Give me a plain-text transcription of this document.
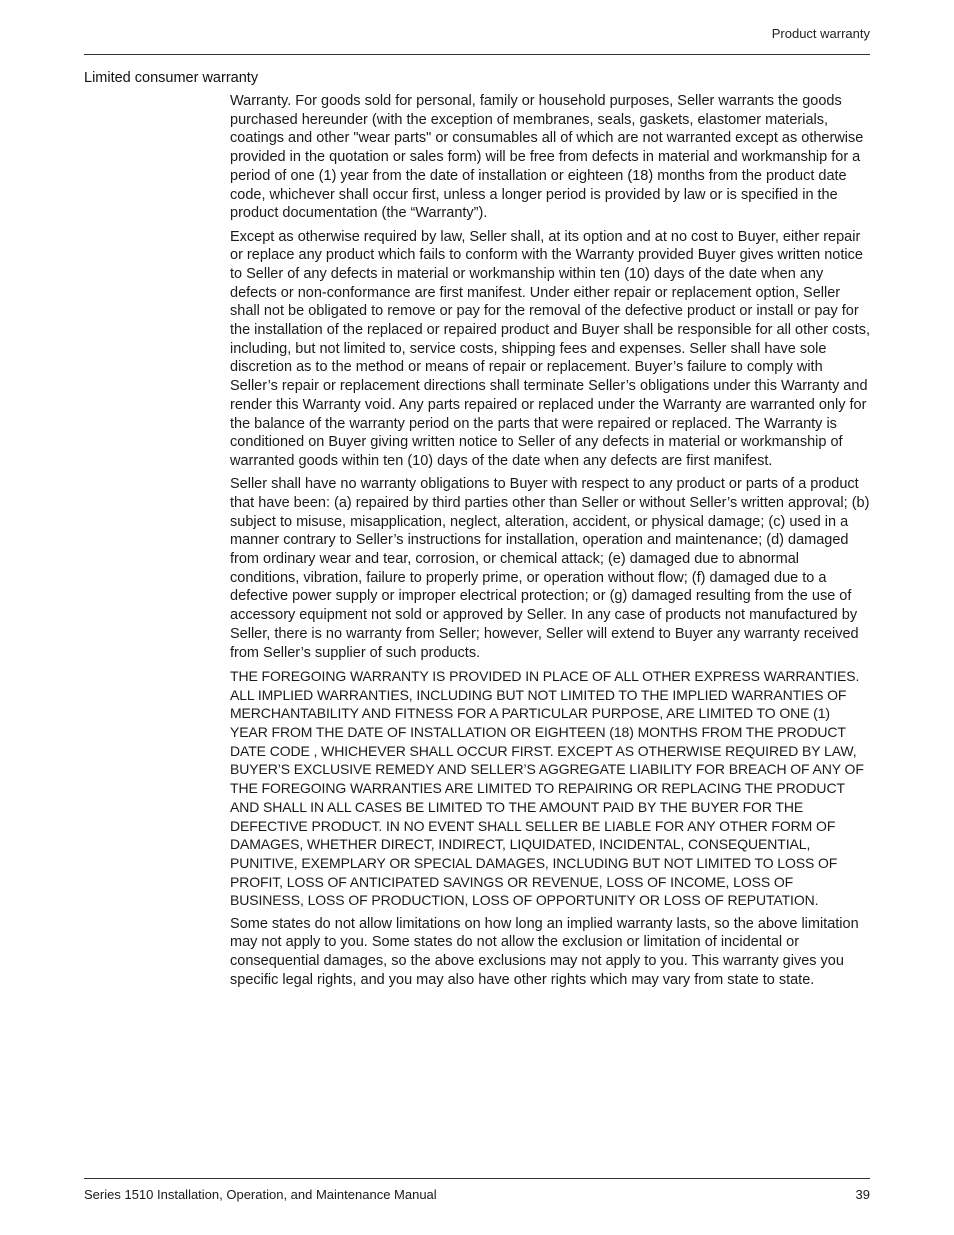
Product warranty
Limited consumer warranty

Warranty. For goods sold for personal, family or household purposes, Seller warrants the goods purchased hereunder (with the exception of membranes, seals, gaskets, elastomer materials, coatings and other "wear parts" or consumables all of which are not warranted except as otherwise provided in the quotation or sales form) will be free from defects in material and workmanship for a period of one (1) year from the date of installation or eighteen (18) months from the product date code, whichever shall occur first, unless a longer period is provided by law or is specified in the product documentation (the “Warranty”).

Except as otherwise required by law, Seller shall, at its option and at no cost to Buyer, either repair or replace any product which fails to conform with the Warranty provided Buyer gives written notice to Seller of any defects in material or workmanship within ten (10) days of the date when any defects or non-conformance are first manifest. Under either repair or replacement option, Seller shall not be obligated to remove or pay for the removal of the defective product or install or pay for the installation of the replaced or repaired product and Buyer shall be responsible for all other costs, including, but not limited to, service costs, shipping fees and expenses. Seller shall have sole discretion as to the method or means of repair or replacement. Buyer’s failure to comply with Seller’s repair or replacement directions shall terminate Seller’s obligations under this Warranty and render this Warranty void. Any parts repaired or replaced under the Warranty are warranted only for the balance of the warranty period on the parts that were repaired or replaced. The Warranty is conditioned on Buyer giving written notice to Seller of any defects in material or workmanship of warranted goods within ten (10) days of the date when any defects are first manifest.

Seller shall have no warranty obligations to Buyer with respect to any product or parts of a product that have been: (a) repaired by third parties other than Seller or without Seller’s written approval; (b) subject to misuse, misapplication, neglect, alteration, accident, or physical damage; (c) used in a manner contrary to Seller’s instructions for installation, operation and maintenance; (d) damaged from ordinary wear and tear, corrosion, or chemical attack; (e) damaged due to abnormal conditions, vibration, failure to properly prime, or operation without flow; (f) damaged due to a defective power supply or improper electrical protection; or (g) damaged resulting from the use of accessory equipment not sold or approved by Seller. In any case of products not manufactured by Seller, there is no warranty from Seller; however, Seller will extend to Buyer any warranty received from Seller’s supplier of such products.

THE FOREGOING WARRANTY IS PROVIDED IN PLACE OF ALL OTHER EXPRESS WARRANTIES. ALL IMPLIED WARRANTIES, INCLUDING BUT NOT LIMITED TO THE IMPLIED WARRANTIES OF MERCHANTABILITY AND FITNESS FOR A PARTICULAR PURPOSE, ARE LIMITED TO ONE (1) YEAR FROM THE DATE OF INSTALLATION OR EIGHTEEN (18) MONTHS FROM THE PRODUCT DATE CODE , WHICHEVER SHALL OCCUR FIRST. EXCEPT AS OTHERWISE REQUIRED BY LAW, BUYER’S EXCLUSIVE REMEDY AND SELLER’S AGGREGATE LIABILITY FOR BREACH OF ANY OF THE FOREGOING WARRANTIES ARE LIMITED TO REPAIRING OR REPLACING THE PRODUCT AND SHALL IN ALL CASES BE LIMITED TO THE AMOUNT PAID BY THE BUYER FOR THE DEFECTIVE PRODUCT. IN NO EVENT SHALL SELLER BE LIABLE FOR ANY OTHER FORM OF DAMAGES, WHETHER DIRECT, INDIRECT, LIQUIDATED, INCIDENTAL, CONSEQUENTIAL, PUNITIVE, EXEMPLARY OR SPECIAL DAMAGES, INCLUDING BUT NOT LIMITED TO LOSS OF PROFIT, LOSS OF ANTICIPATED SAVINGS OR REVENUE, LOSS OF INCOME, LOSS OF BUSINESS, LOSS OF PRODUCTION, LOSS OF OPPORTUNITY OR LOSS OF REPUTATION.

Some states do not allow limitations on how long an implied warranty lasts, so the above limitation may not apply to you. Some states do not allow the exclusion or limitation of incidental or consequential damages, so the above exclusions may not apply to you. This warranty gives you specific legal rights, and you may also have other rights which may vary from state to state.

Series 1510 Installation, Operation, and Maintenance Manual	39
